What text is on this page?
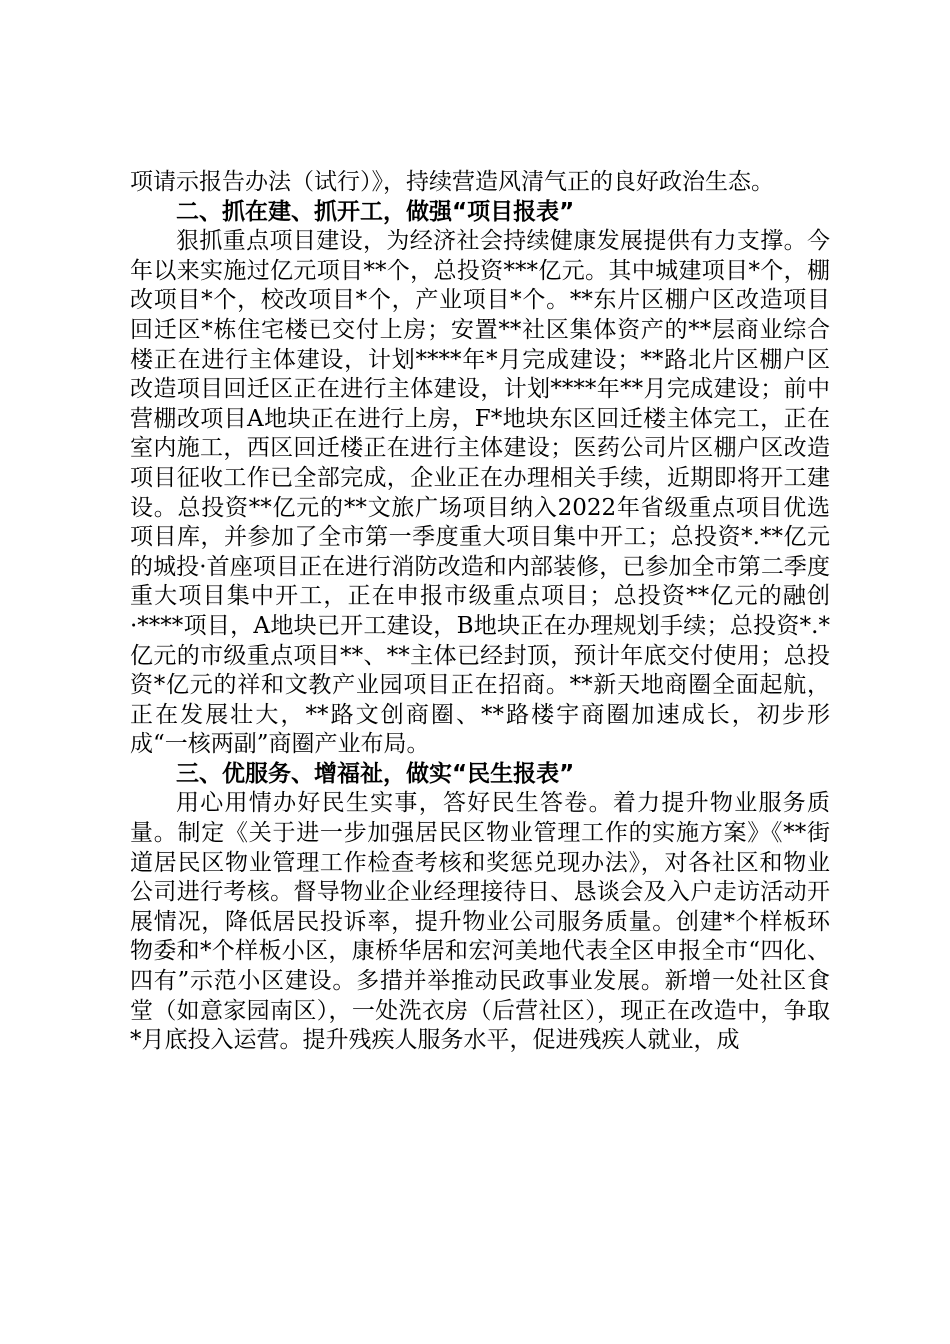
项请示报告办法（试行）》，持续营造风清气正的良好政治生态。

二、抓在建、抓开工，做强“项目报表”

狠抓重点项目建设，为经济社会持续健康发展提供有力支撑。今年以来实施过亿元项目**个，总投资***亿元。其中城建项目*个，棚改项目*个，校改项目*个，产业项目*个。**东片区棚户区改造项目回迁区*栋住宅楼已交付上房；安置**社区集体资产的**层商业综合楼正在进行主体建设，计划****年*月完成建设；**路北片区棚户区改造项目回迁区正在进行主体建设，计划****年**月完成建设；前中营棚改项目A地块正在进行上房，F*地块东区回迁楼主体完工，正在室内施工，西区回迁楼正在进行主体建设；医药公司片区棚户区改造项目征收工作已全部完成，企业正在办理相关手续，近期即将开工建设。总投资**亿元的**文旅广场项目纳入2022年省级重点项目优选项目库，并参加了全市第一季度重大项目集中开工；总投资*.**亿元的城投·首座项目正在进行消防改造和内部装修，已参加全市第二季度重大项目集中开工，正在申报市级重点项目；总投资**亿元的融创·****项目，A地块已开工建设，B地块正在办理规划手续；总投资*.*亿元的市级重点项目**、**主体已经封顶，预计年底交付使用；总投资*亿元的祥和文教产业园项目正在招商。**新天地商圈全面起航，正在发展壮大，**路文创商圈、**路楼宇商圈加速成长，初步形成“一核两副”商圈产业布局。

三、优服务、增福祉，做实“民生报表”

用心用情办好民生实事，答好民生答卷。着力提升物业服务质量。制定《关于进一步加强居民区物业管理工作的实施方案》《**街道居民区物业管理工作检查考核和奖惩兑现办法》，对各社区和物业公司进行考核。督导物业企业经理接待日、恳谈会及入户走访活动开展情况，降低居民投诉率，提升物业公司服务质量。创建*个样板环物委和*个样板小区，康桥华居和宏河美地代表全区申报全市“四化、四有”示范小区建设。多措并举推动民政事业发展。新增一处社区食堂（如意家园南区），一处洗衣房（后营社区），现正在改造中，争取*月底投入运营。提升残疾人服务水平，促进残疾人就业，成
